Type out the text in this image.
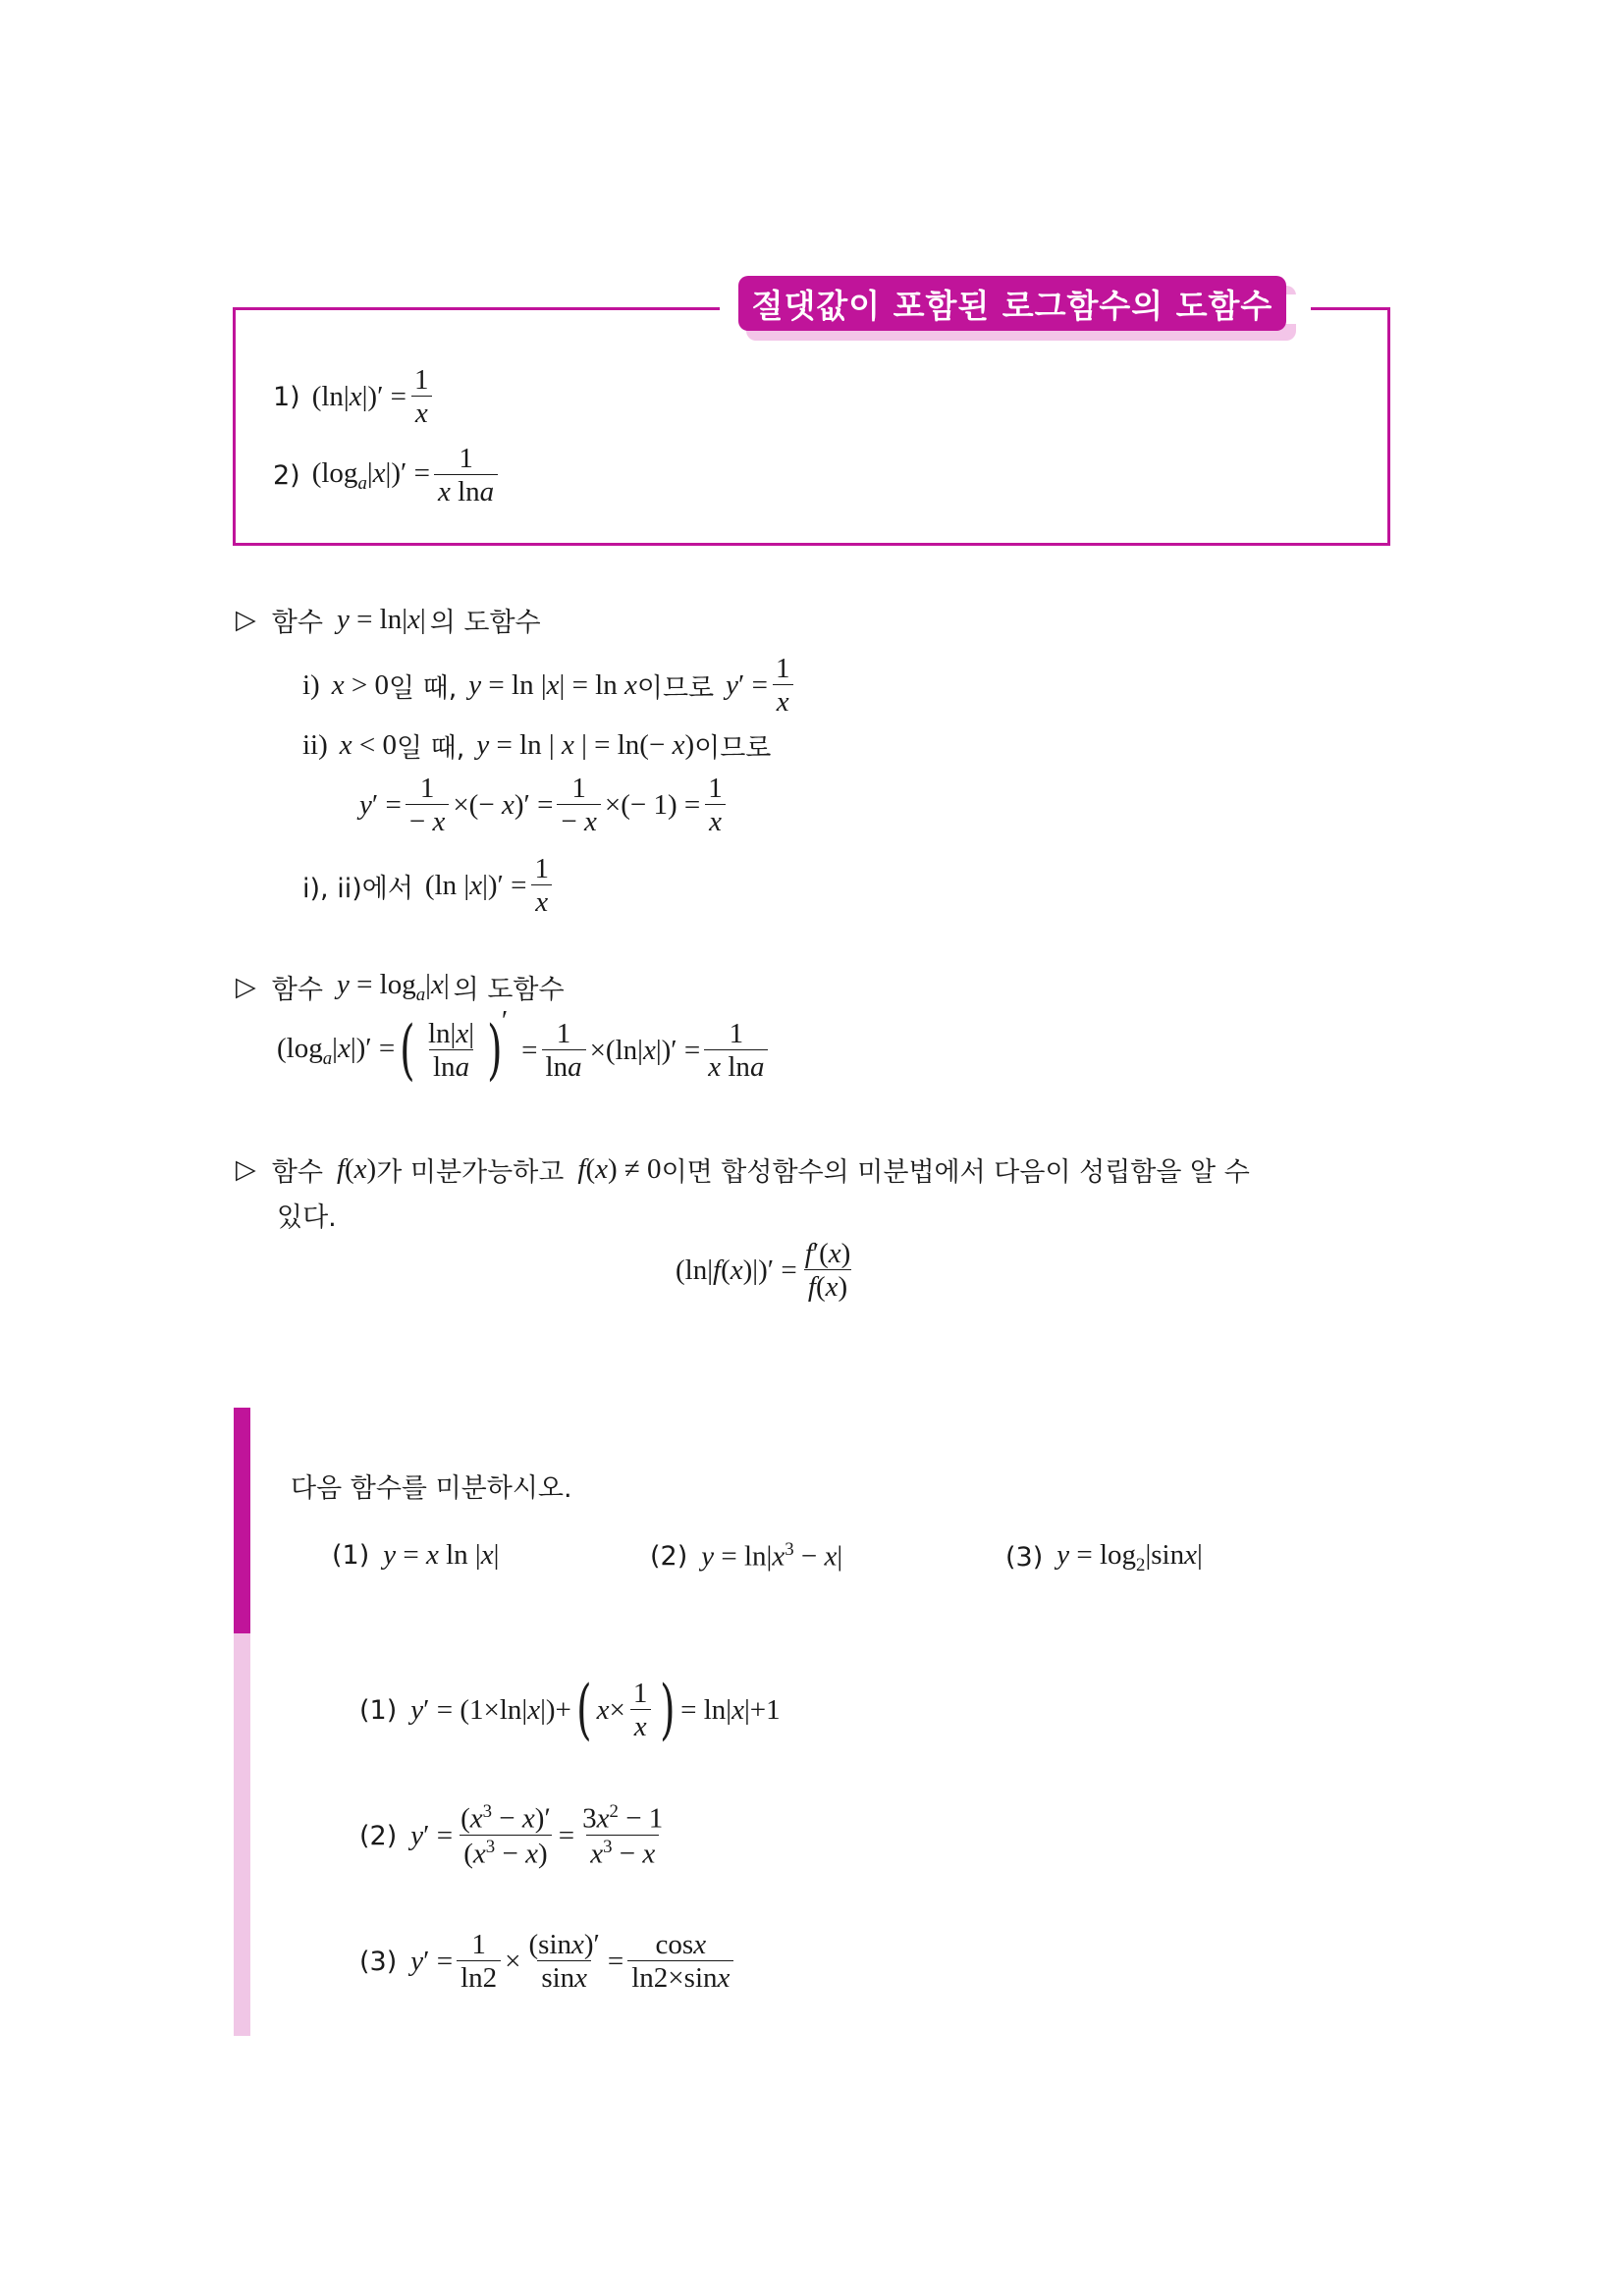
절댓값이 포함된 로그함수의 도함수
1) $(\ln|x|)' = \frac{1}{x}$
2) $(\log_a|x|)' = \frac{1}{\text{x lna}}$
▷ 함수 y = ln|x| 의 도함수
i) x > 0 일 때, y = ln |x| = ln x 이므로 $y' = \frac{1}{x}$
ii) x < 0 일 때, y = ln | x | = ln(− x) 이므로
$y' = \frac{1}{- x}$ ×(− $x)' = \frac{1}{- x}$ ×(− $1) = \frac{1}{x}$
i), ii)에서 (ln $|x|)' = \frac{1}{x}$
▷ 함수 $y = \log_a|x|$ 의 도함수
$(\log_a|x|)'$ = ( $\frac{\ln|x|}{\ln a}$ ) ′
= $\frac{1}{\ln a} \times(\ln|x|)' = \frac{1}{\text{x lna}}$
▷ 함수 f(x) 가 미분가능하고 f(x) ≠ 0 이면 합성함수의 미분법에서 다음이 성립함을 알 수
있다.
$(\ln|f(x)|)' = \frac{f'(x)}{f(x)}$
다음 함수를 미분하시오.
(1) y = x ln |x|	(2) $y = \ln|x^3 - x|$	(3) $y = \log_2|\sin x|$
(1) y′ = (1×ln|x|)+ ( $x\times \frac{1}{x}$ ) = ln|x|+1
(2) $y' = \frac{(x^3 - x)'}{(x^3 - x)} = \frac{3x^2 - 1}{x^3 - x}$
(3) $y' = \frac{1}{\ln 2} \times \frac{(\sin x)'}{\sin x} = \frac{\cos x}{\ln 2\times\sin x}$
